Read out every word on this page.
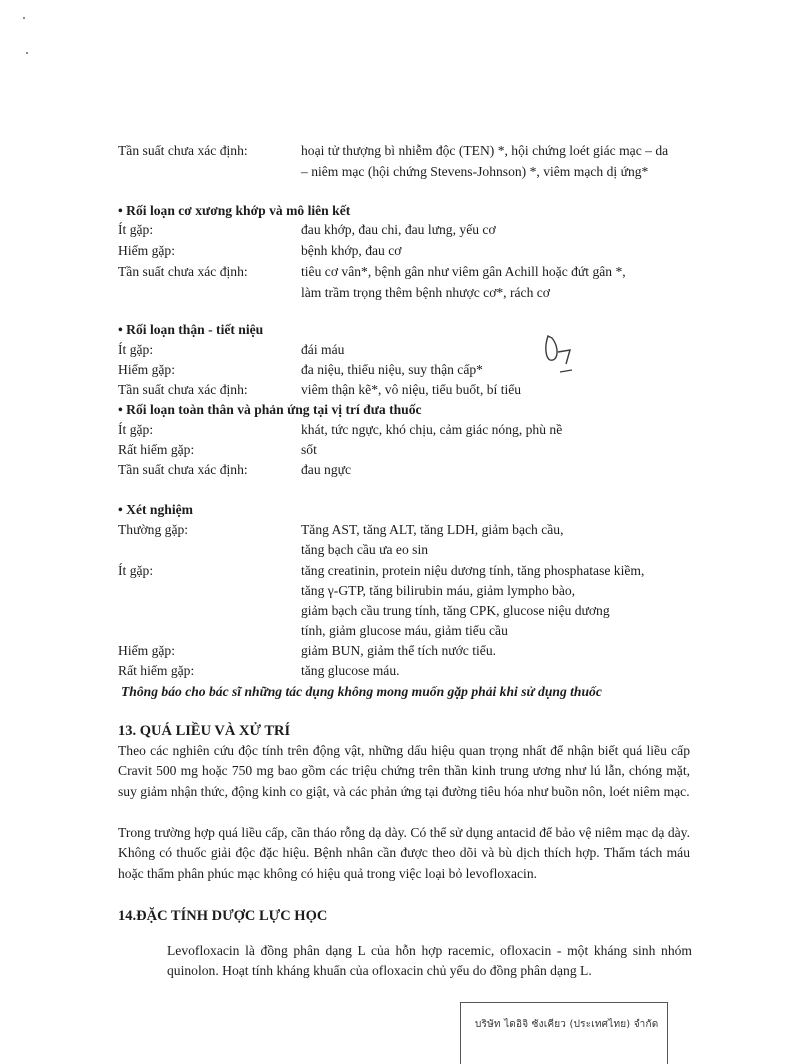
Tần suất chưa xác định:	hoại tử thượng bì nhiễm độc (TEN) *, hội chứng loét giác mạc – da
– niêm mạc (hội chứng Stevens-Johnson) *, viêm mạch dị ứng*
• Rối loạn cơ xương khớp và mô liên kết
Ít gặp:	đau khớp, đau chi, đau lưng, yếu cơ
Hiếm gặp:	bệnh khớp, đau cơ
Tần suất chưa xác định:	tiêu cơ vân*, bệnh gân như viêm gân Achill hoặc đứt gân *,
làm trầm trọng thêm bệnh nhược cơ*, rách cơ
• Rối loạn thận - tiết niệu
Ít gặp:	đái máu
Hiếm gặp:	đa niệu, thiểu niệu, suy thận cấp*
Tần suất chưa xác định:	viêm thận kẽ*, vô niệu, tiểu buốt, bí tiểu
• Rối loạn toàn thân và phản ứng tại vị trí đưa thuốc
Ít gặp:	khát, tức ngực, khó chịu, cảm giác nóng, phù nề
Rất hiếm gặp:	sốt
Tần suất chưa xác định:	đau ngực
• Xét nghiệm
Thường gặp:	Tăng AST, tăng ALT, tăng LDH, giảm bạch cầu,
tăng bạch cầu ưa eo sin
Ít gặp:	tăng creatinin, protein niệu dương tính, tăng phosphatase kiềm,
tăng γ-GTP, tăng bilirubin máu, giảm lympho bào,
giảm bạch cầu trung tính, tăng CPK, glucose niệu dương
tính, giảm glucose máu, giảm tiểu cầu
Hiếm gặp:	giảm BUN, giảm thể tích nước tiểu.
Rất hiếm gặp:	tăng glucose máu.
Thông báo cho bác sĩ những tác dụng không mong muốn gặp phải khi sử dụng thuốc
13. QUÁ LIỀU VÀ XỬ TRÍ
Theo các nghiên cứu độc tính trên động vật, những dấu hiệu quan trọng nhất để nhận biết quá liều cấp Cravit 500 mg hoặc 750 mg bao gồm các triệu chứng trên thần kinh trung ương như lú lẫn, chóng mặt, suy giảm nhận thức, động kinh co giật, và các phản ứng tại đường tiêu hóa như buồn nôn, loét niêm mạc.
Trong trường hợp quá liều cấp, cần tháo rỗng dạ dày. Có thể sử dụng antacid để bảo vệ niêm mạc dạ dày. Không có thuốc giải độc đặc hiệu. Bệnh nhân cần được theo dõi và bù dịch thích hợp. Thẩm tách máu hoặc thẩm phân phúc mạc không có hiệu quả trong việc loại bỏ levofloxacin.
14.ĐẶC TÍNH DƯỢC LỰC HỌC
Levofloxacin là đồng phân dạng L của hỗn hợp racemic, ofloxacin - một kháng sinh nhóm quinolon. Hoạt tính kháng khuẩn của ofloxacin chủ yếu do đồng phân dạng L.
บริษัท ไดอิจิ ซังเคียว (ประเทศไทย) จำกัด
